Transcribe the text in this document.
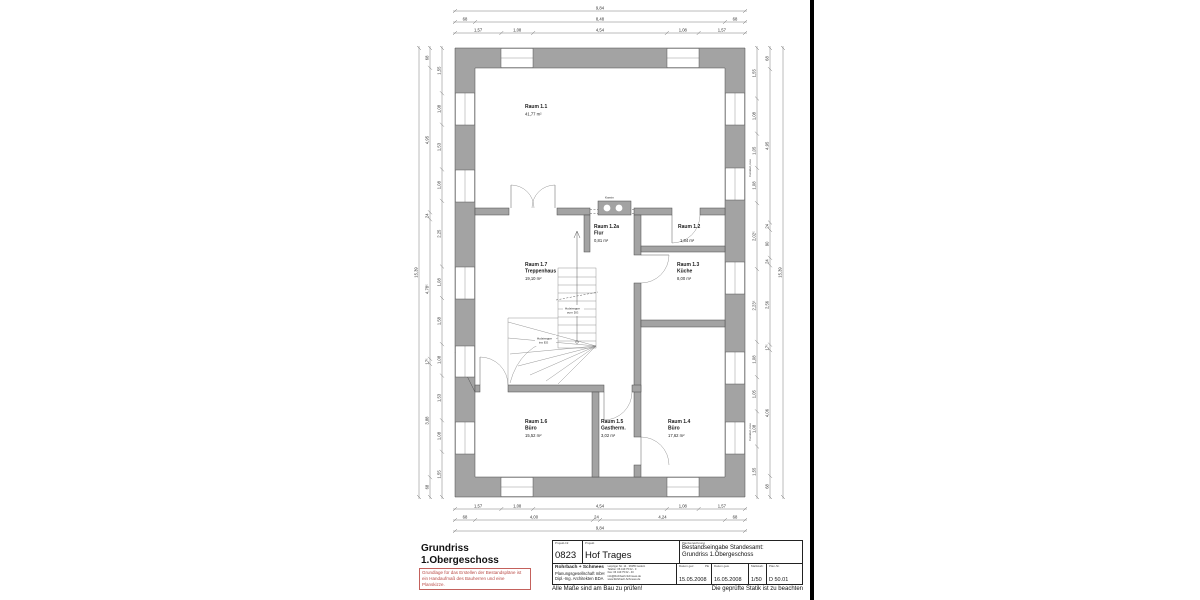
Kamin
Holztreppe
zum DG
Holztreppe
ins EG
Raum 1.1
41,77 m²
Raum 1.2a
Flur
0,81 m²
Raum 1.2
1,84 m²
Raum 1.7
Treppenhaus
19,10 m²
Raum 1.3
Küche
8,00 m²
Raum 1.6
Büro
15,52 m²
Raum 1.5
Gastherm.
3,02 m²
Raum 1.4
Büro
17,62 m²
Fenster, neu
Fenster, neu
9,84
68	8,48	68
1,57	1,08	4,54	1,08	1,57
1,57	1,08	4,54	1,08	1,57
68	4,00	24	4,24	68
9,84
15,39
68
4,95
24
4,78⁵
17⁵
3,88
68
1,55
1,08
1,53
1,08
2,25
1,08
1,58
1,08
1,53
1,08
1,55
1,55
1,08
1,05
1,08
2,02⁵
2,23⁵
1,08
1,05
1,08
1,55
68
4,95
24
90
24
2,56
17⁵
4,06
68
15,39
Grundriss
1.Obergeschoss
Grundlage für das Erstellen der Bestandspläne ist
ein Handaufmaß des Bauherren und eine Planskizze.
Projekt-Nr.
0823
Projekt
Hof Trages
Planbezeichnung
Bestandseingabe Standesamt:
Grundriss 1.Obergeschoss
Rohrbach + Schmees
Planungsgesellschaft mbH
Dipl.-Ing. Architekten BDA
Leipziger Str. 14 · 36355 Gedern
Telefon: 06 419 75 02 - 0
Fax: 06 419 75 02 - 40
info@Rohrbach-Schmees.de
www.Rohrbach-Schmees.de
Datum gez.	PE
15.05.2008
Datum geä.
16.05.2008
Maßstab:
1/50
Plan-Nr.
D 50.01
Alle Maße sind am Bau zu prüfen!	Die geprüfte Statik ist zu beachten
